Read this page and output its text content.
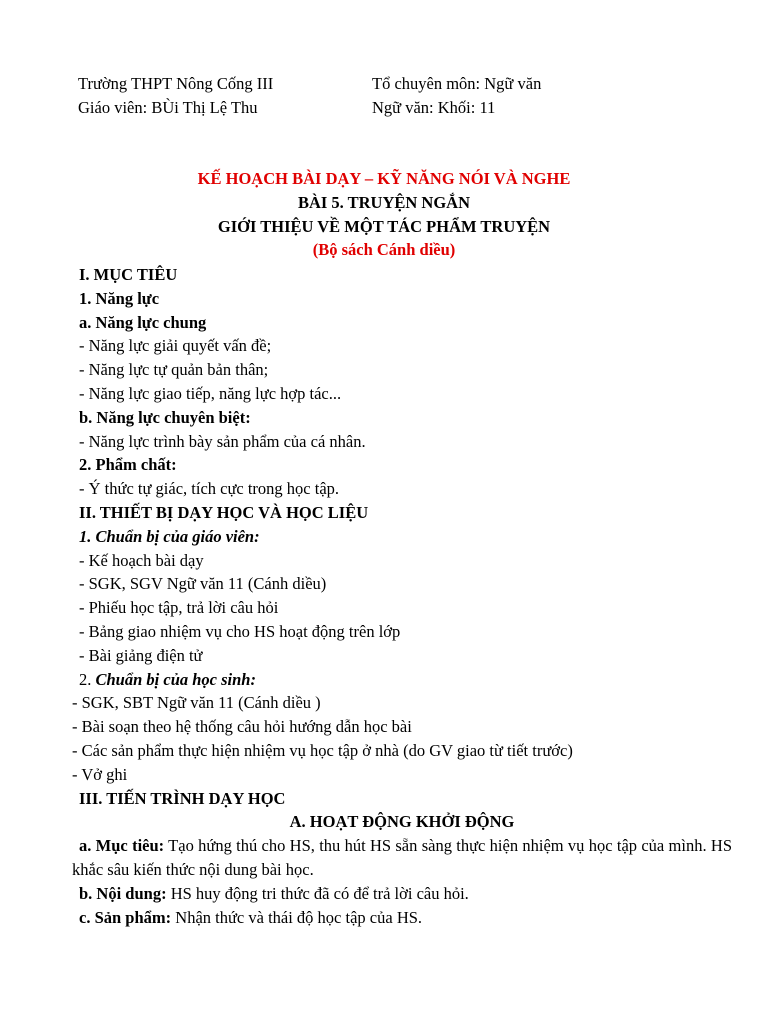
Trường THPT Nông Cống III	Tổ chuyên môn: Ngữ văn
Giáo viên: BÙi Thị Lệ Thu	Ngữ văn: Khối: 11
KẾ HOẠCH BÀI DẠY – KỸ NĂNG NÓI VÀ NGHE
BÀI 5. TRUYỆN NGẮN
GIỚI THIỆU VỀ MỘT TÁC PHẨM TRUYỆN
(Bộ sách Cánh diều)
I. MỤC TIÊU
1. Năng lực
a. Năng lực chung
- Năng lực giải quyết vấn đề;
- Năng lực tự quản bản thân;
- Năng lực giao tiếp, năng lực hợp tác...
b. Năng lực chuyên biệt:
- Năng lực trình bày sản phẩm của cá nhân.
2. Phẩm chất:
- Ý thức tự giác, tích cực trong học tập.
II. THIẾT BỊ DẠY HỌC VÀ HỌC LIỆU
1. Chuẩn bị của giáo viên:
- Kế hoạch bài dạy
- SGK, SGV Ngữ văn 11 (Cánh diều)
- Phiếu học tập, trả lời câu hỏi
- Bảng giao nhiệm vụ cho HS hoạt động trên lớp
- Bài giảng điện tử
2. Chuẩn bị của học sinh:
- SGK, SBT Ngữ văn 11 (Cánh diều )
- Bài soạn theo hệ thống câu hỏi hướng dẫn học bài
- Các sản phẩm thực hiện nhiệm vụ học tập ở nhà (do GV giao từ tiết trước)
- Vở ghi
III. TIẾN TRÌNH DẠY HỌC
A. HOẠT ĐỘNG KHỞI ĐỘNG
a. Mục tiêu: Tạo hứng thú cho HS, thu hút HS sẵn sàng thực hiện nhiệm vụ học tập của mình. HS khắc sâu kiến thức nội dung bài học.
b. Nội dung: HS huy động tri thức đã có để trả lời câu hỏi.
c. Sản phẩm: Nhận thức và thái độ học tập của HS.
